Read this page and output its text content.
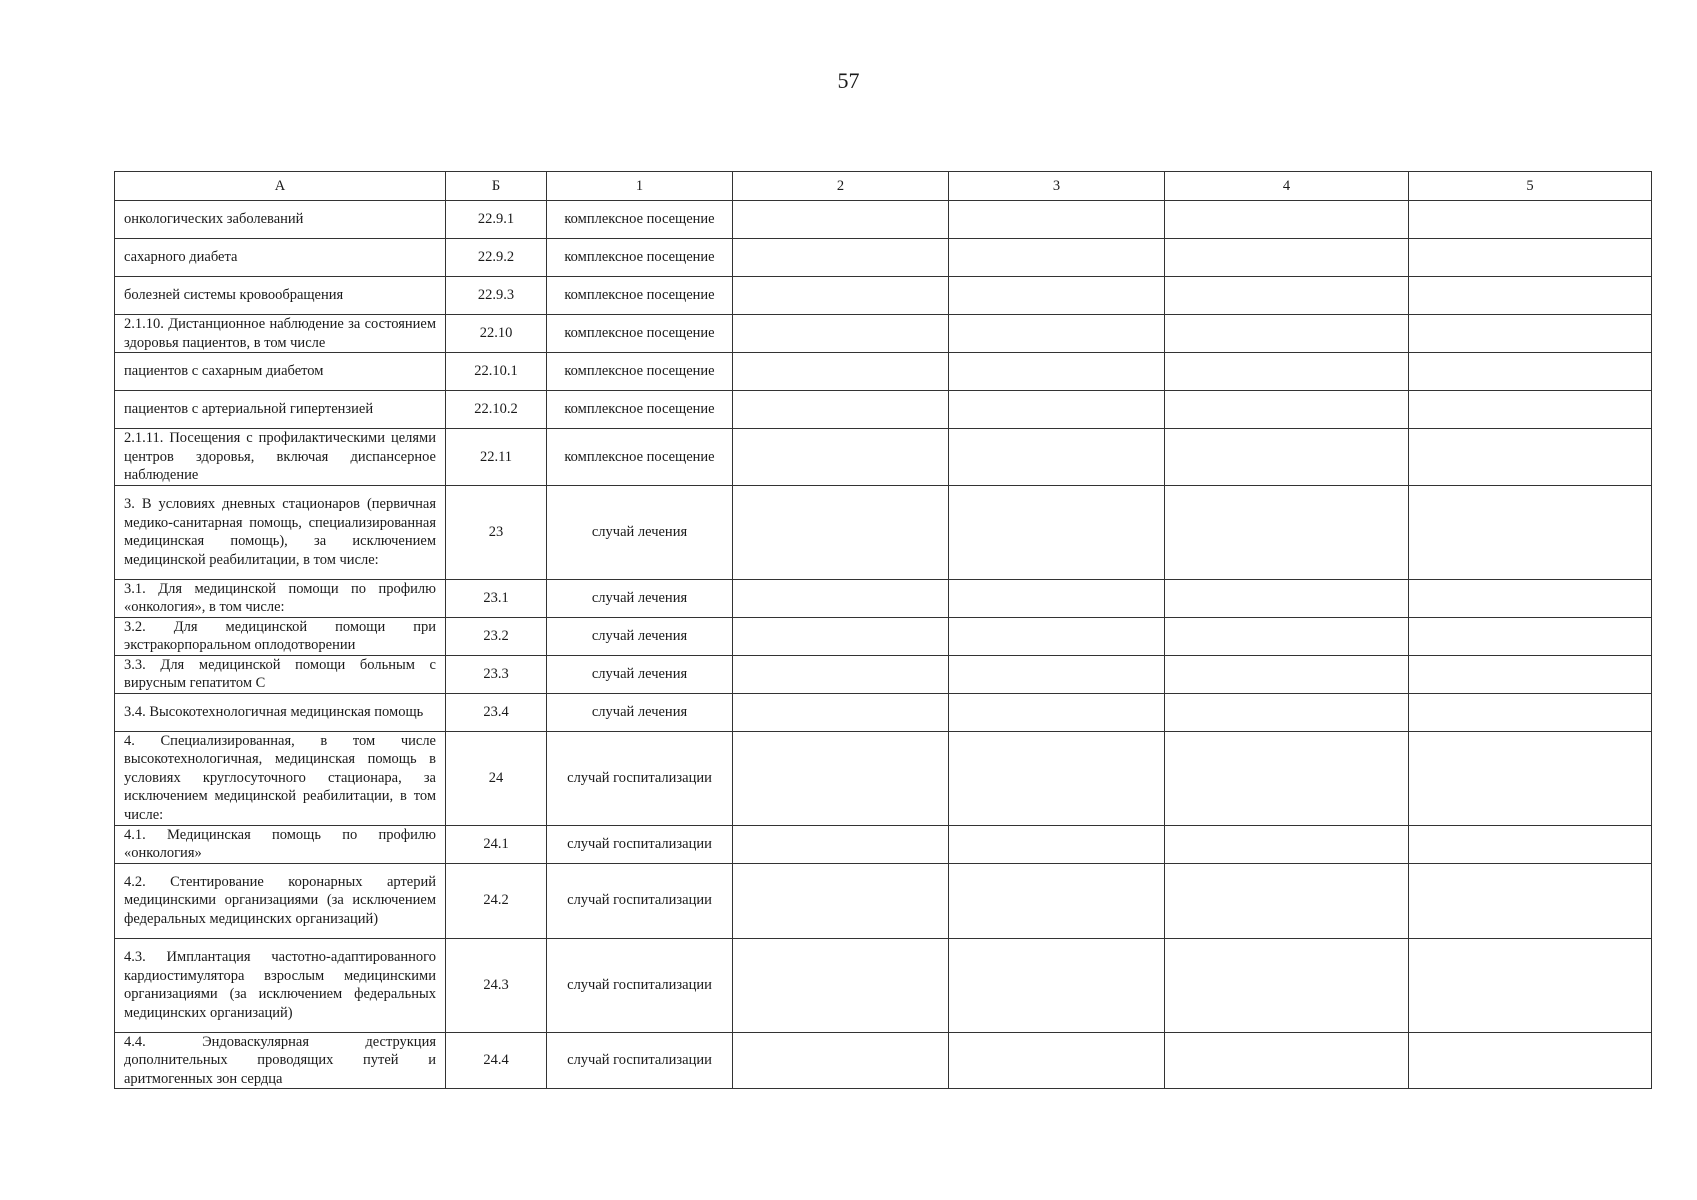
57
А	Б	1	2	3	4	5
онкологических заболеваний	22.9.1	комплексное посещение				
сахарного диабета	22.9.2	комплексное посещение				
болезней системы кровообращения	22.9.3	комплексное посещение				
2.1.10. Дистанционное наблюдение за состоянием здоровья пациентов, в том числе	22.10	комплексное посещение				
пациентов с сахарным диабетом	22.10.1	комплексное посещение				
пациентов с артериальной гипертензией	22.10.2	комплексное посещение				
2.1.11. Посещения с профилактическими целями центров здоровья, включая диспансерное наблюдение	22.11	комплексное посещение				
3. В условиях дневных стационаров (первичная медико-санитарная помощь, специализированная медицинская помощь), за исключением медицинской реабилитации, в том числе:	23	случай лечения				
3.1. Для медицинской помощи по профилю «онкология», в том числе:	23.1	случай лечения				
3.2. Для медицинской помощи при экстракорпоральном оплодотворении	23.2	случай лечения				
3.3. Для медицинской помощи больным с вирусным гепатитом С	23.3	случай лечения				
3.4. Высокотехнологичная медицинская помощь	23.4	случай лечения				
4. Специализированная, в том числе высокотехнологичная, медицинская помощь в условиях круглосуточного стационара, за исключением медицинской реабилитации, в том числе:	24	случай госпитализации				
4.1. Медицинская помощь по профилю «онкология»	24.1	случай госпитализации				
4.2. Стентирование коронарных артерий медицинскими организациями (за исключением федеральных медицинских организаций)	24.2	случай госпитализации				
4.3. Имплантация частотно-адаптированного кардиостимулятора взрослым медицинскими организациями (за исключением федеральных медицинских организаций)	24.3	случай госпитализации				
4.4. Эндоваскулярная деструкция дополнительных проводящих путей и аритмогенных зон сердца	24.4	случай госпитализации				
